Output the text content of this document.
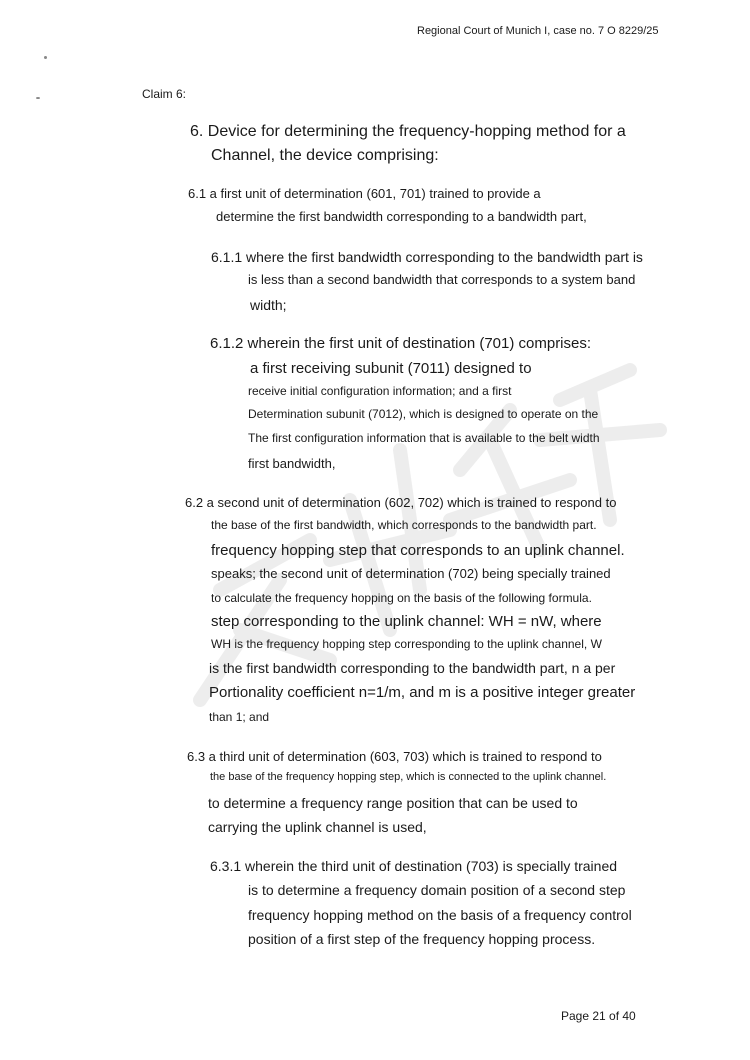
Regional Court of Munich I, case no. 7 O 8229/25
Claim 6:
6. Device for determining the frequency-hopping method for a
Channel, the device comprising:
6.1 a first unit of determination (601, 701) trained to provide a
determine the first bandwidth corresponding to a bandwidth part,
6.1.1 where the first bandwidth corresponding to the bandwidth part is
is less than a second bandwidth that corresponds to a system band
width;
6.1.2 wherein the first unit of destination (701) comprises:
a first receiving subunit (7011) designed to
receive initial configuration information; and a first
Determination subunit (7012), which is designed to operate on the
The first configuration information that is available to the belt width
first bandwidth,
6.2 a second unit of determination (602, 702) which is trained to respond to
the base of the first bandwidth, which corresponds to the bandwidth part.
frequency hopping step that corresponds to an uplink channel.
speaks; the second unit of determination (702) being specially trained
to calculate the frequency hopping on the basis of the following formula.
step corresponding to the uplink channel: WH = nW, where
WH is the frequency hopping step corresponding to the uplink channel, W
is the first bandwidth corresponding to the bandwidth part, n a per
Portionality coefficient n=1/m, and m is a positive integer greater
than 1; and
6.3 a third unit of determination (603, 703) which is trained to respond to
the base of the frequency hopping step, which is connected to the uplink channel.
to determine a frequency range position that can be used to
carrying the uplink channel is used,
6.3.1 wherein the third unit of destination (703) is specially trained
is to determine a frequency domain position of a second step
frequency hopping method on the basis of a frequency control
position of a first step of the frequency hopping process.
Page 21 of 40
